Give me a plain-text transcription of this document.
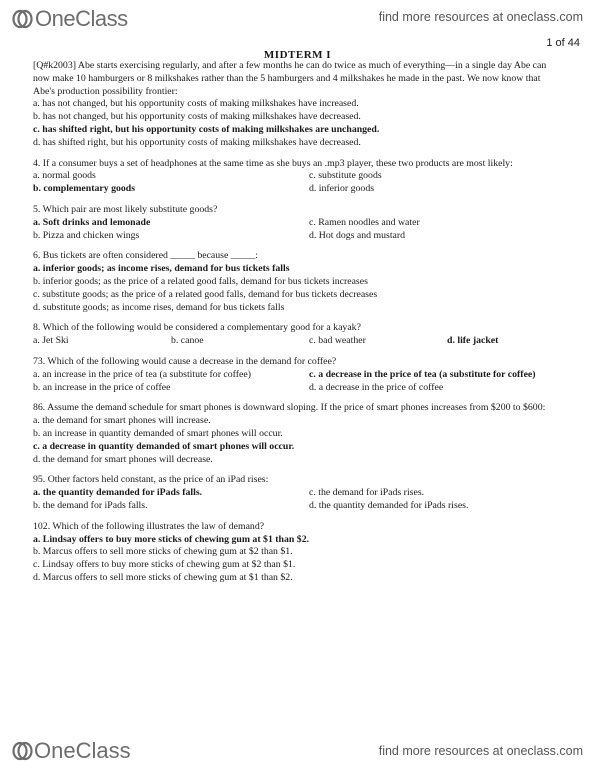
OneClass	find more resources at oneclass.com
1 of 44
MIDTERM I

[Q#k2003] Abe starts exercising regularly, and after a few months he can do twice as much of everything—in a single day Abe can now make 10 hamburgers or 8 milkshakes rather than the 5 hamburgers and 4 milkshakes he made in the past. We now know that Abe's production possibility frontier:

a. has not changed, but his opportunity costs of making milkshakes have increased.

b. has not changed, but his opportunity costs of making milkshakes have decreased.

c. has shifted right, but his opportunity costs of making milkshakes are unchanged.

d. has shifted right, but his opportunity costs of making milkshakes have decreased.

4. If a consumer buys a set of headphones at the same time as she buys an .mp3 player, these two products are most likely:

a. normal goods	c. substitute goods
b. complementary goods	d. inferior goods

5. Which pair are most likely substitute goods?

a. Soft drinks and lemonade	c. Ramen noodles and water
b. Pizza and chicken wings	d. Hot dogs and mustard

6. Bus tickets are often considered _____ because _____:

a. inferior goods; as income rises, demand for bus tickets falls

b. inferior goods; as the price of a related good falls, demand for bus tickets increases

c. substitute goods; as the price of a related good falls, demand for bus tickets decreases

d. substitute goods; as income rises, demand for bus tickets falls

8. Which of the following would be considered a complementary good for a kayak?

a. Jet Ski	b. canoe	c. bad weather	d. life jacket

73. Which of the following would cause a decrease in the demand for coffee?

a. an increase in the price of tea (a substitute for coffee)	c. a decrease in the price of tea (a substitute for coffee)
b. an increase in the price of coffee	d. a decrease in the price of coffee

86. Assume the demand schedule for smart phones is downward sloping. If the price of smart phones increases from $200 to $600:

a. the demand for smart phones will increase.

b. an increase in quantity demanded of smart phones will occur.

c. a decrease in quantity demanded of smart phones will occur.

d. the demand for smart phones will decrease.

95. Other factors held constant, as the price of an iPad rises:

a. the quantity demanded for iPads falls.	c. the demand for iPads rises.
b. the demand for iPads falls.	d. the quantity demanded for iPads rises.

102. Which of the following illustrates the law of demand?

a. Lindsay offers to buy more sticks of chewing gum at $1 than $2.

b. Marcus offers to sell more sticks of chewing gum at $2 than $1.

c. Lindsay offers to buy more sticks of chewing gum at $2 than $1.

d. Marcus offers to sell more sticks of chewing gum at $1 than $2.

OneClass	find more resources at oneclass.com
